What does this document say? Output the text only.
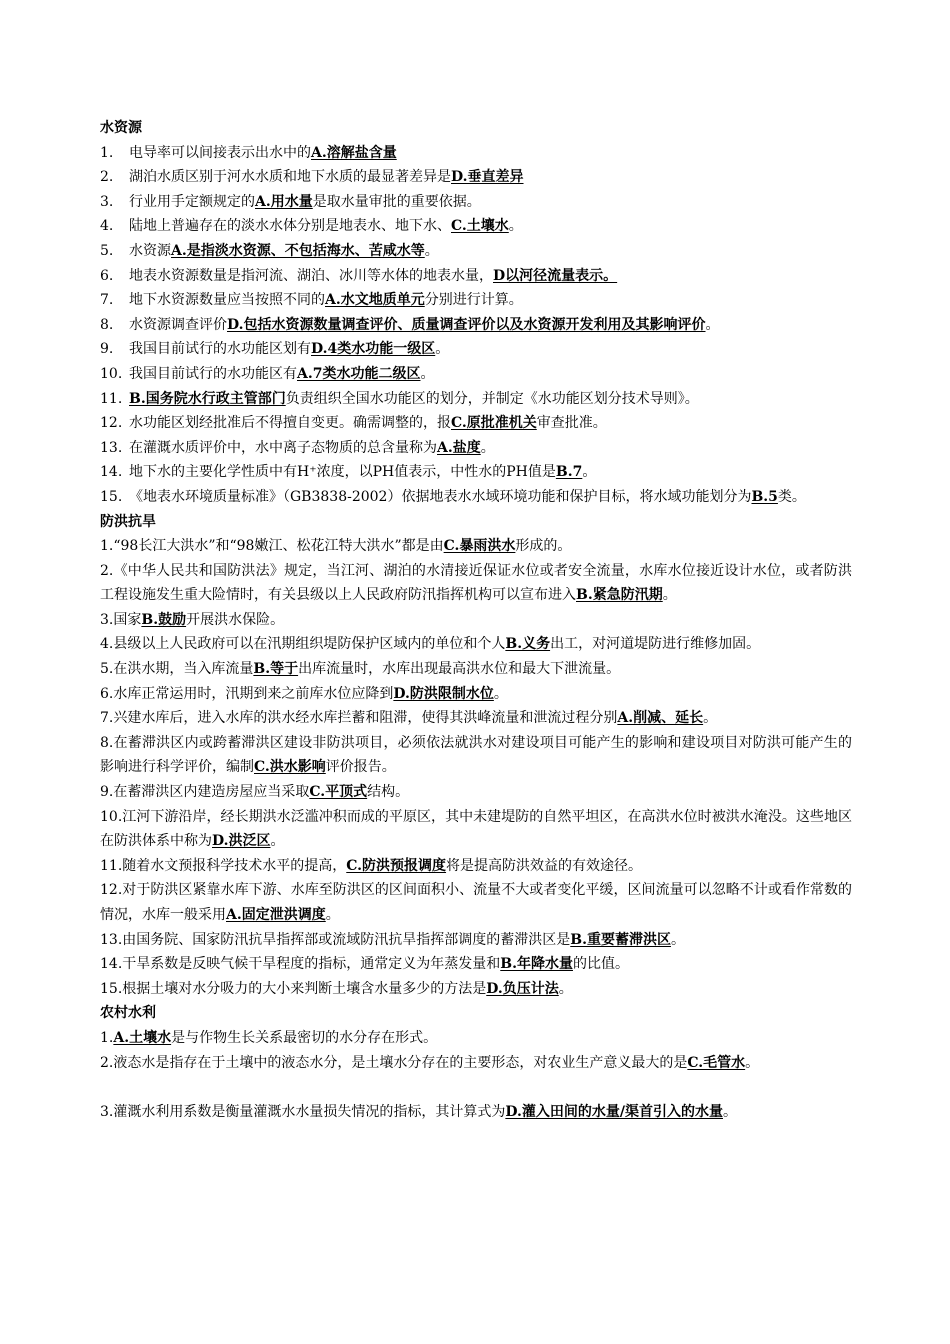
水资源
1.	电导率可以间接表示出水中的A.溶解盐含量
2.	湖泊水质区别于河水水质和地下水质的最显著差异是D.垂直差异
3.	行业用手定额规定的A.用水量是取水量审批的重要依据。
4.	陆地上普遍存在的淡水水体分别是地表水、地下水、C.土壤水。
5.	水资源A.是指淡水资源、不包括海水、苦咸水等。
6.	地表水资源数量是指河流、湖泊、冰川等水体的地表水量，D以河径流量表示。
7.	地下水资源数量应当按照不同的A.水文地质单元分别进行计算。
8.	水资源调查评价D.包括水资源数量调查评价、质量调查评价以及水资源开发利用及其影响评价。
9.	我国目前试行的水功能区划有D.4类水功能一级区。
10. 我国目前试行的水功能区有A.7类水功能二级区。
11. B.国务院水行政主管部门负责组织全国水功能区的划分，并制定《水功能区划分技术导则》。
12. 水功能区划经批准后不得擅自变更。确需调整的，报C.原批准机关审查批准。
13. 在灌溉水质评价中，水中离子态物质的总含量称为A.盐度。
14. 地下水的主要化学性质中有H⁺浓度，以PH值表示，中性水的PH值是B.7。
15. 《地表水环境质量标准》（GB3838-2002）依据地表水水域环境功能和保护目标，将水域功能划分为B.5类。
防洪抗旱
1.“98长江大洪水”和“98嫩江、松花江特大洪水”都是由C.暴雨洪水形成的。
2.《中华人民共和国防洪法》规定，当江河、湖泊的水清接近保证水位或者安全流量，水库水位接近设计水位，或者防洪工程设施发生重大险情时，有关县级以上人民政府防汛指挥机构可以宣布进入B.紧急防汛期。
3.国家B.鼓励开展洪水保险。
4.县级以上人民政府可以在汛期组织堤防保护区域内的单位和个人B.义务出工，对河道堤防进行维修加固。
5.在洪水期，当入库流量B.等于出库流量时，水库出现最高洪水位和最大下泄流量。
6.水库正常运用时，汛期到来之前库水位应降到D.防洪限制水位。
7.兴建水库后，进入水库的洪水经水库拦蓄和阻滞，使得其洪峰流量和泄流过程分别A.削减、延长。
8.在蓄滞洪区内或跨蓄滞洪区建设非防洪项目，必须依法就洪水对建设项目可能产生的影响和建设项目对防洪可能产生的影响进行科学评价，编制C.洪水影响评价报告。
9.在蓄滞洪区内建造房屋应当采取C.平顶式结构。
10.江河下游沿岸，经长期洪水泛滥冲积而成的平原区，其中未建堤防的自然平坦区，在高洪水位时被洪水淹没。这些地区在防洪体系中称为D.洪泛区。
11.随着水文预报科学技术水平的提高，C.防洪预报调度将是提高防洪效益的有效途径。
12.对于防洪区紧靠水库下游、水库至防洪区的区间面积小、流量不大或者变化平缓，区间流量可以忽略不计或看作常数的情况，水库一般采用A.固定泄洪调度。
13.由国务院、国家防汛抗旱指挥部或流域防汛抗旱指挥部调度的蓄滞洪区是B.重要蓄滞洪区。
14.干旱系数是反映气候干旱程度的指标，通常定义为年蒸发量和B.年降水量的比值。
15.根据土壤对水分吸力的大小来判断土壤含水量多少的方法是D.负压计法。
农村水利
1.A.土壤水是与作物生长关系最密切的水分存在形式。
2.液态水是指存在于土壤中的液态水分，是土壤水分存在的主要形态，对农业生产意义最大的是C.毛管水。
3.灌溉水利用系数是衡量灌溉水水量损失情况的指标，其计算式为D.灌入田间的水量/渠首引入的水量。
